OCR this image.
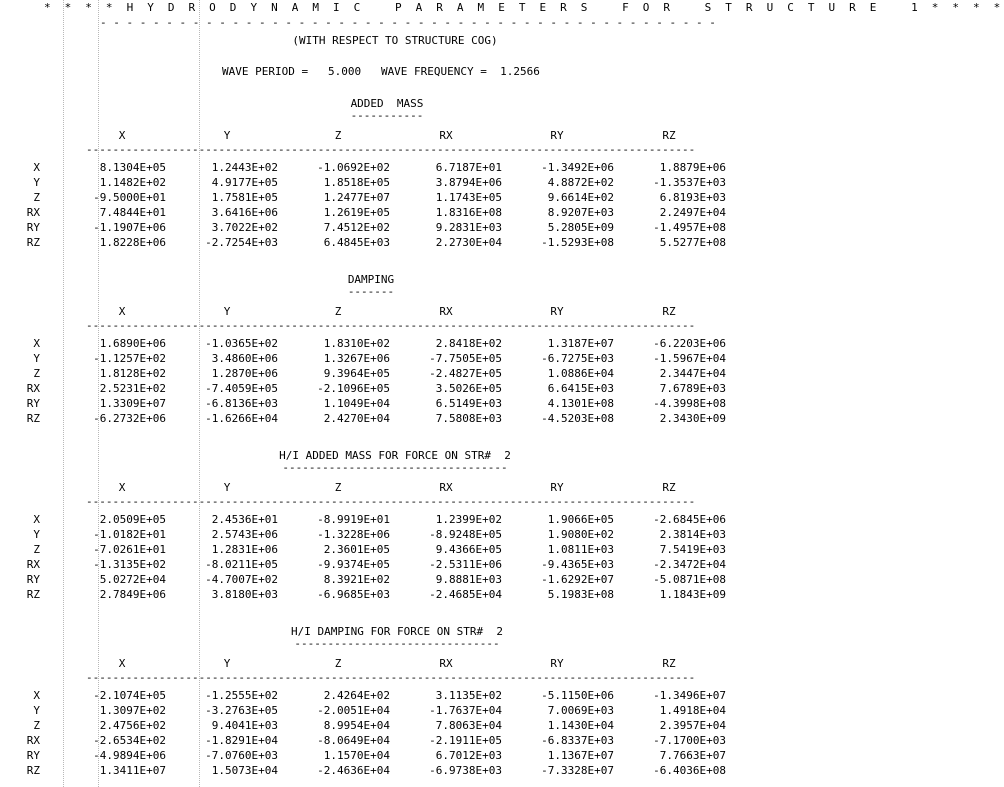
* * * * H Y D R O D Y N A M I C   P A R A M E T E R S   F O R   S T R U C T U R E   1 * * * *
- - - - - - - - - - - - - - - - - - - - - - - - - - - - - - - - - - - - - - - - - - - - - - -
(WITH RESPECT TO STRUCTURE COG)
WAVE PERIOD =   5.000   WAVE FREQUENCY =  1.2566
ADDED  MASS
-----------
X	Y	Z	RX	RY	RZ
--------------------------------------------------------------------------------------------
X	8.1304E+05	1.2443E+02	-1.0692E+02	6.7187E+01	-1.3492E+06	1.8879E+06
Y	1.1482E+02	4.9177E+05	1.8518E+05	3.8794E+06	4.8872E+02	-1.3537E+03
Z	-9.5000E+01	1.7581E+05	1.2477E+07	1.1743E+05	9.6614E+02	6.8193E+03
RX	7.4844E+01	3.6416E+06	1.2619E+05	1.8316E+08	8.9207E+03	2.2497E+04
RY	-1.1907E+06	3.7022E+02	7.4512E+02	9.2831E+03	5.2805E+09	-1.4957E+08
RZ	1.8228E+06	-2.7254E+03	6.4845E+03	2.2730E+04	-1.5293E+08	5.5277E+08
DAMPING
-------
X	Y	Z	RX	RY	RZ
--------------------------------------------------------------------------------------------
X	1.6890E+06	-1.0365E+02	1.8310E+02	2.8418E+02	1.3187E+07	-6.2203E+06
Y	-1.1257E+02	3.4860E+06	1.3267E+06	-7.7505E+05	-6.7275E+03	-1.5967E+04
Z	1.8128E+02	1.2870E+06	9.3964E+05	-2.4827E+05	1.0886E+04	2.3447E+04
RX	2.5231E+02	-7.4059E+05	-2.1096E+05	3.5026E+05	6.6415E+03	7.6789E+03
RY	1.3309E+07	-6.8136E+03	1.1049E+04	6.5149E+03	4.1301E+08	-4.3998E+08
RZ	-6.2732E+06	-1.6266E+04	2.4270E+04	7.5808E+03	-4.5203E+08	2.3430E+09
H/I ADDED MASS FOR FORCE ON STR#  2
----------------------------------
X	Y	Z	RX	RY	RZ
--------------------------------------------------------------------------------------------
X	2.0509E+05	2.4536E+01	-8.9919E+01	1.2399E+02	1.9066E+05	-2.6845E+06
Y	-1.0182E+01	2.5743E+06	-1.3228E+06	-8.9248E+05	1.9080E+02	2.3814E+03
Z	-7.0261E+01	1.2831E+06	2.3601E+05	9.4366E+05	1.0811E+03	7.5419E+03
RX	-1.3135E+02	-8.0211E+05	-9.9374E+05	-2.5311E+06	-9.4365E+03	-2.3472E+04
RY	5.0272E+04	-4.7007E+02	8.3921E+02	9.8881E+03	-1.6292E+07	-5.0871E+08
RZ	2.7849E+06	3.8180E+03	-6.9685E+03	-2.4685E+04	5.1983E+08	1.1843E+09
H/I DAMPING FOR FORCE ON STR#  2
-------------------------------
X	Y	Z	RX	RY	RZ
--------------------------------------------------------------------------------------------
X	-2.1074E+05	-1.2555E+02	2.4264E+02	3.1135E+02	-5.1150E+06	-1.3496E+07
Y	1.3097E+02	-3.2763E+05	-2.0051E+04	-1.7637E+04	7.0069E+03	1.4918E+04
Z	2.4756E+02	9.4041E+03	8.9954E+04	7.8063E+04	1.1430E+04	2.3957E+04
RX	-2.6534E+02	-1.8291E+04	-8.0649E+04	-2.1911E+05	-6.8337E+03	-7.1700E+03
RY	-4.9894E+06	-7.0760E+03	1.1570E+04	6.7012E+03	1.1367E+07	7.7663E+07
RZ	1.3411E+07	1.5073E+04	-2.4636E+04	-6.9738E+03	-7.3328E+07	-6.4036E+08
